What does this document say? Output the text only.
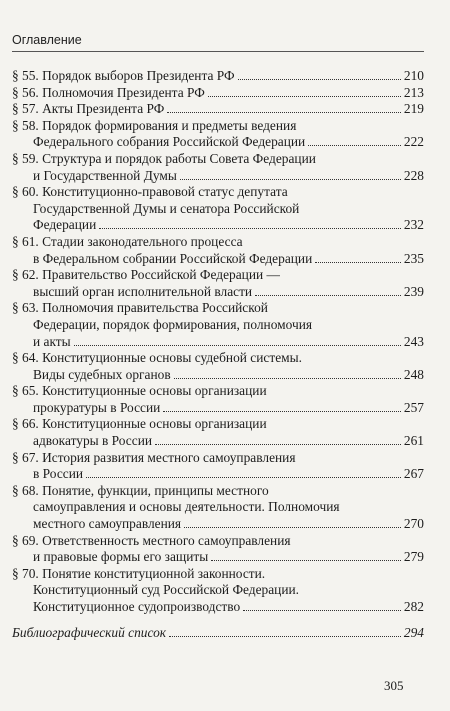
Оглавление
§ 55. Порядок выборов Президента РФ	210
§ 56. Полномочия Президента РФ	213
§ 57. Акты Президента РФ	219
§ 58. Порядок формирования и предметы ведения
Федерального собрания Российской Федерации	222
§ 59. Структура и порядок работы Совета Федерации
и Государственной Думы	228
§ 60. Конституционно-правовой статус депутата
Государственной Думы и сенатора Российской
Федерации	232
§ 61. Стадии законодательного процесса
в Федеральном собрании Российской Федерации	235
§ 62. Правительство Российской Федерации —
высший орган исполнительной власти	239
§ 63. Полномочия правительства Российской
Федерации, порядок формирования, полномочия
и акты	243
§ 64. Конституционные основы судебной системы.
Виды судебных органов	248
§ 65. Конституционные основы организации
прокуратуры в России	257
§ 66. Конституционные основы организации
адвокатуры в России	261
§ 67. История развития местного самоуправления
в России	267
§ 68. Понятие, функции, принципы местного
самоуправления и основы деятельности. Полномочия
местного самоуправления	270
§ 69. Ответственность местного самоуправления
и правовые формы его защиты	279
§ 70. Понятие конституционной законности.
Конституционный суд Российской Федерации.
Конституционное судопроизводство	282
Библиографический список	294
305
